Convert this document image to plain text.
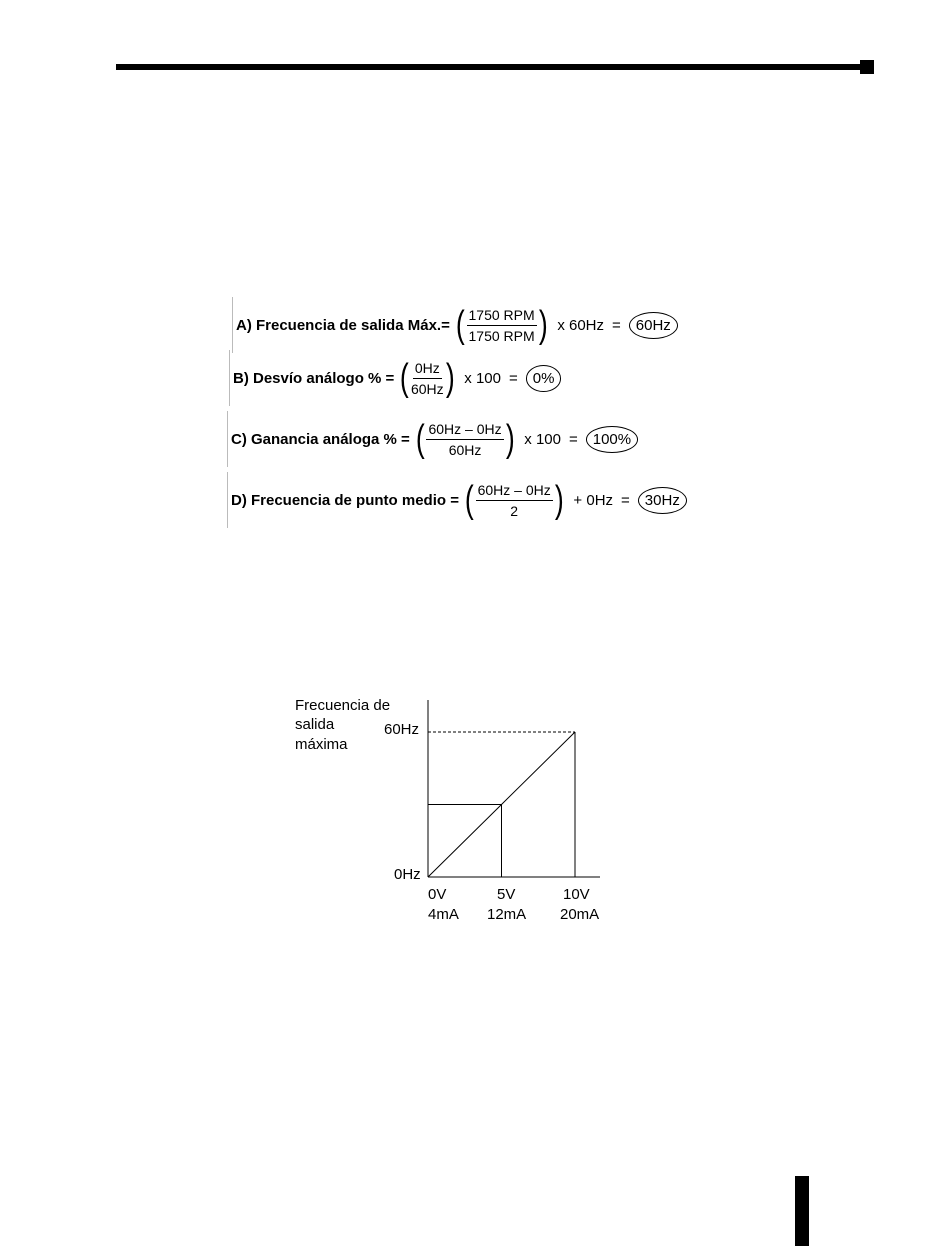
A) Frecuencia de salida Máx.= ( $\frac{\text{1750 RPM}}{\text{1750 RPM}}$ ) x 60Hz =	60Hz
B) Desvío análogo % = ( $\frac{0Hz}{60Hz}$ ) x 100 =	0%
C) Ganancia análoga % = ( $\frac{60Hz - 0Hz}{60Hz}$ ) x 100 =	100%
D) Frecuencia de punto medio = ( $\frac{60Hz - 0Hz}{2}$ ) + 0Hz =	30Hz
Frecuencia de
salida
máxima
60Hz
0Hz
0V
4mA
5V
12mA
10V
20mA
